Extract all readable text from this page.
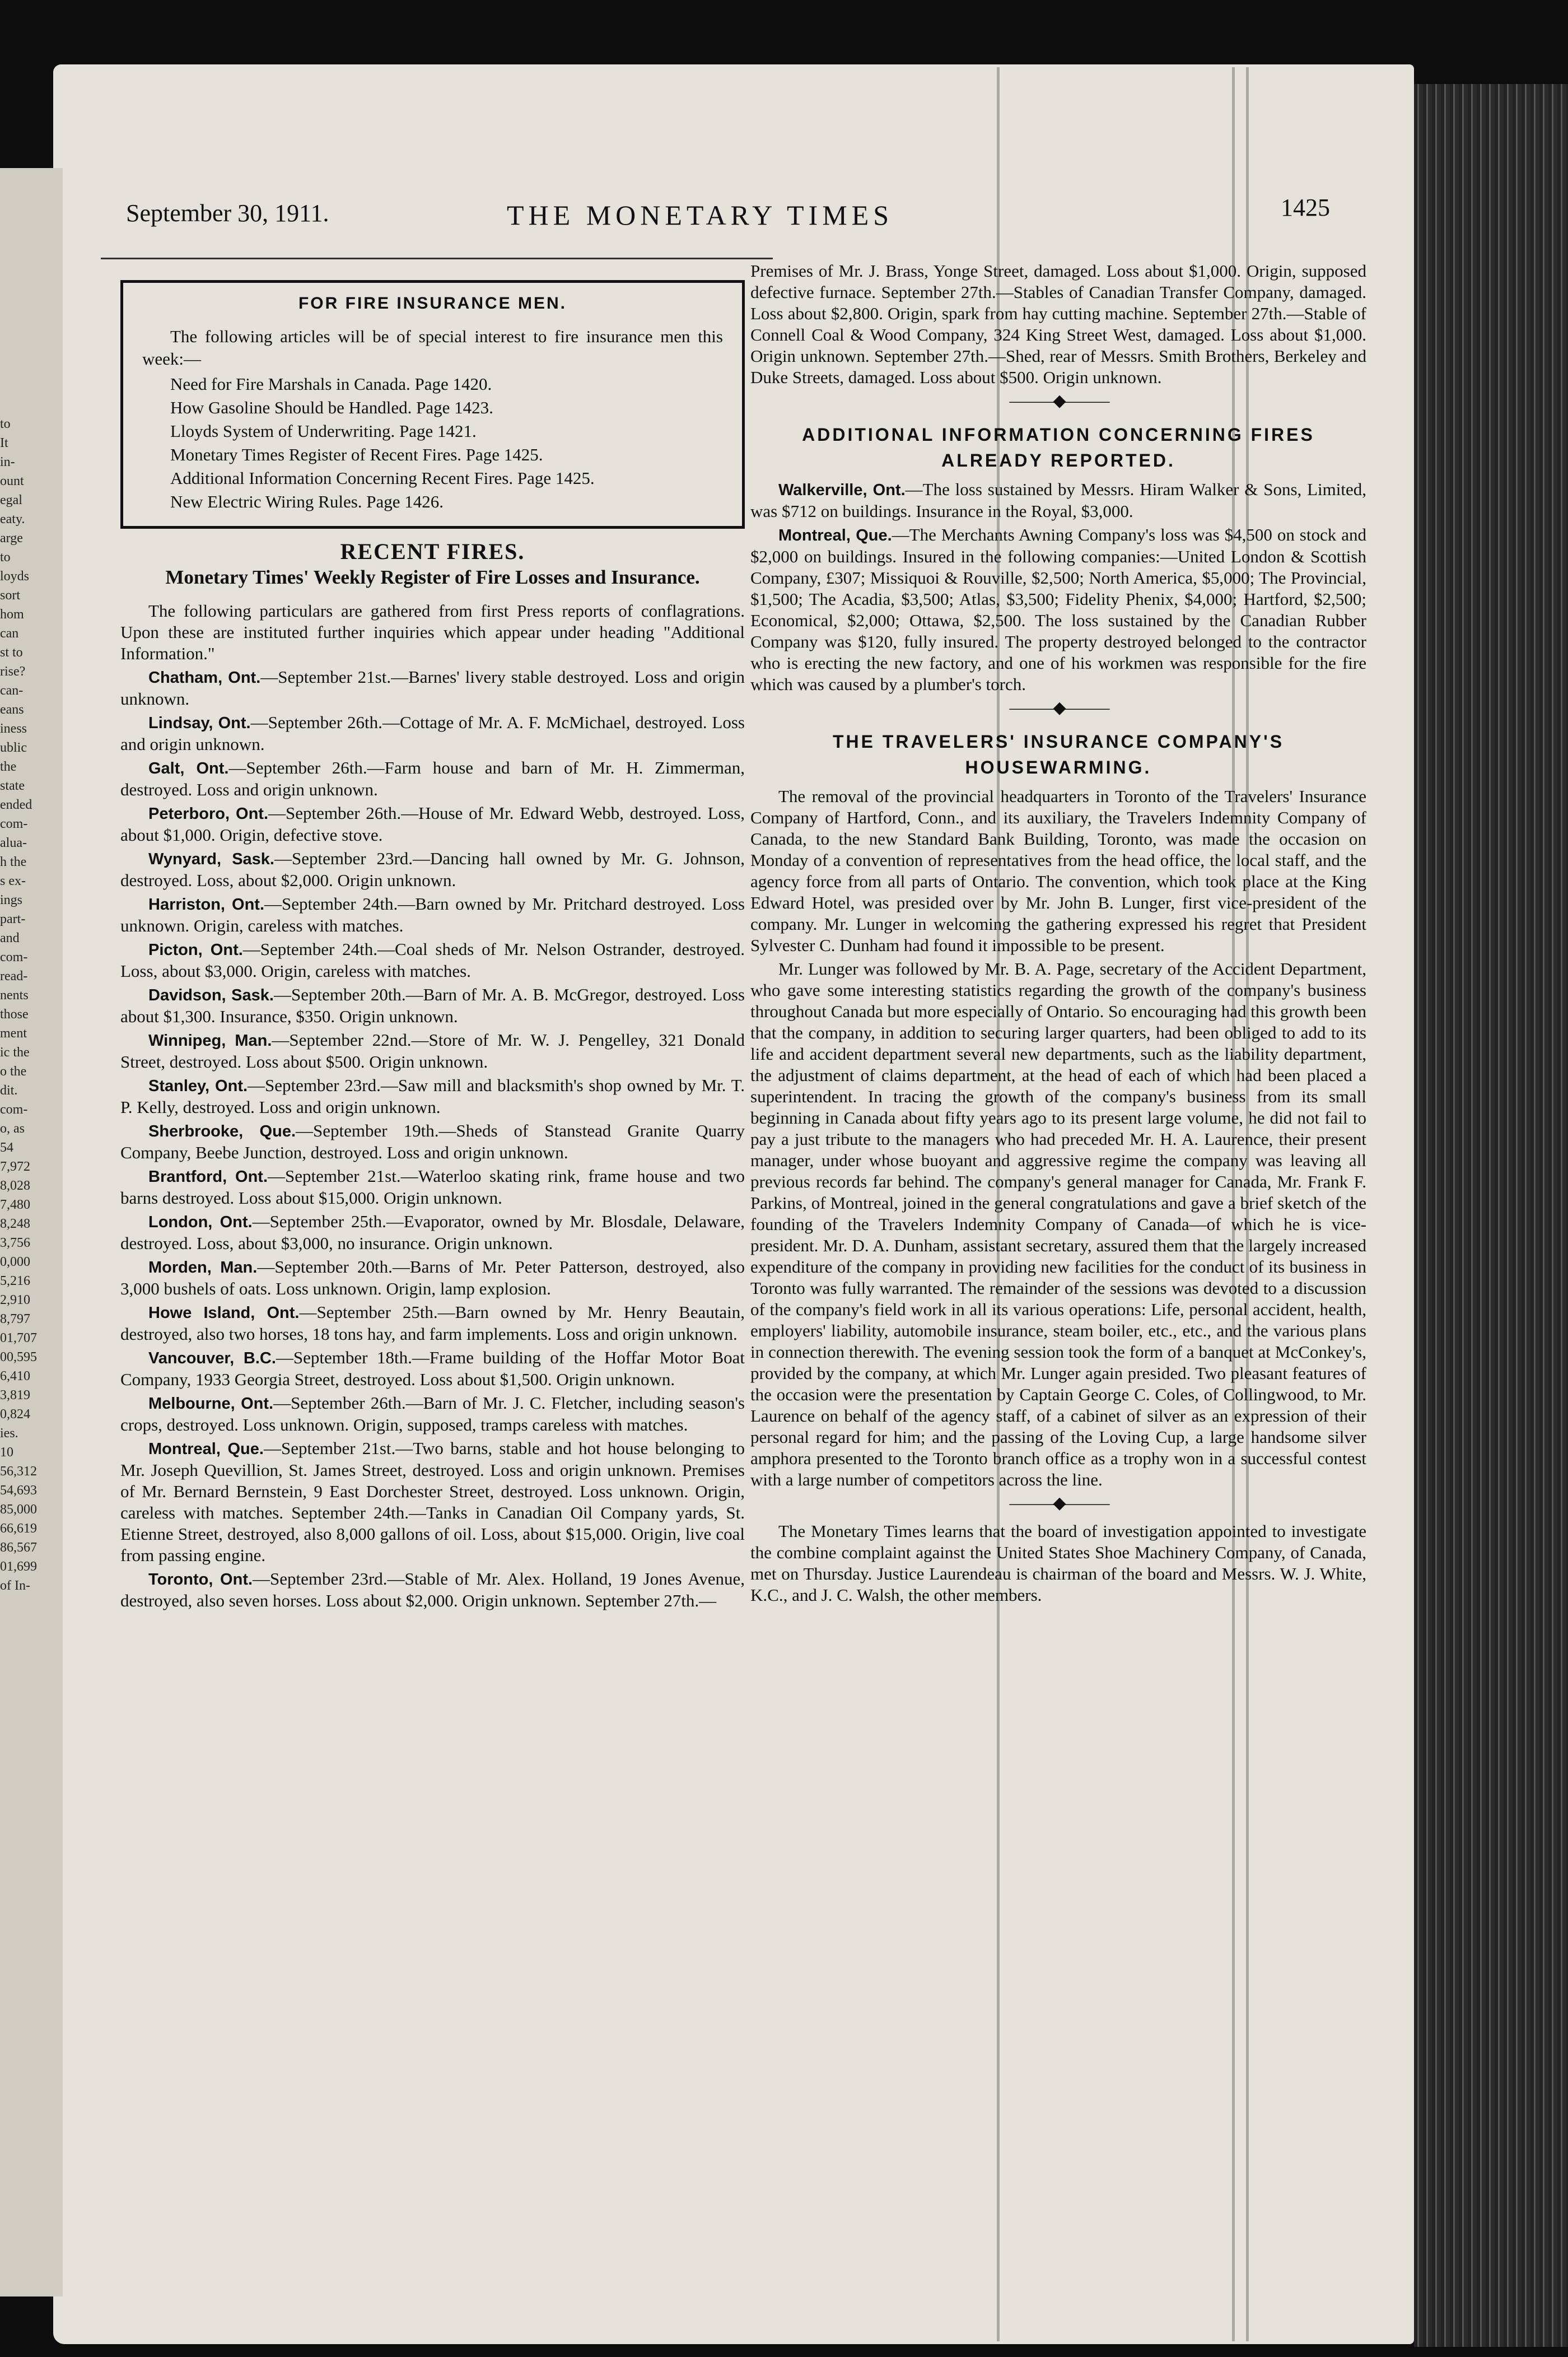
to
It
in-
ount
egal
eaty.
arge
to
loyds
sort
hom
can
st to
rise?
can-
eans
iness
ublic
the
state
ended
com-
alua-
h the
s ex-
ings
part-
and
com-
read-
nents
those
ment
ic the
o the
dit.
com-
o, as
54
7,972
8,028
7,480
8,248
3,756
0,000
5,216
2,910
8,797
01,707
00,595
6,410
3,819
0,824
ies.
10
56,312
54,693
85,000
66,619
86,567
01,699
of In-
September 30, 1911.	THE MONETARY TIMES	1425
FOR FIRE INSURANCE MEN.
The following articles will be of special interest to fire insurance men this week:—
Need for Fire Marshals in Canada. Page 1420.
How Gasoline Should be Handled. Page 1423.
Lloyds System of Underwriting. Page 1421.
Monetary Times Register of Recent Fires. Page 1425.
Additional Information Concerning Recent Fires. Page 1425.
New Electric Wiring Rules. Page 1426.
RECENT FIRES.
Monetary Times' Weekly Register of Fire Losses and Insurance.

The following particulars are gathered from first Press reports of conflagrations. Upon these are instituted further inquiries which appear under heading "Additional Information."

Chatham, Ont.—September 21st.—Barnes' livery stable destroyed. Loss and origin unknown.

Lindsay, Ont.—September 26th.—Cottage of Mr. A. F. McMichael, destroyed. Loss and origin unknown.

Galt, Ont.—September 26th.—Farm house and barn of Mr. H. Zimmerman, destroyed. Loss and origin unknown.

Peterboro, Ont.—September 26th.—House of Mr. Edward Webb, destroyed. Loss, about $1,000. Origin, defective stove.

Wynyard, Sask.—September 23rd.—Dancing hall owned by Mr. G. Johnson, destroyed. Loss, about $2,000. Origin unknown.

Harriston, Ont.—September 24th.—Barn owned by Mr. Pritchard destroyed. Loss unknown. Origin, careless with matches.

Picton, Ont.—September 24th.—Coal sheds of Mr. Nelson Ostrander, destroyed. Loss, about $3,000. Origin, careless with matches.

Davidson, Sask.—September 20th.—Barn of Mr. A. B. McGregor, destroyed. Loss about $1,300. Insurance, $350. Origin unknown.

Winnipeg, Man.—September 22nd.—Store of Mr. W. J. Pengelley, 321 Donald Street, destroyed. Loss about $500. Origin unknown.

Stanley, Ont.—September 23rd.—Saw mill and blacksmith's shop owned by Mr. T. P. Kelly, destroyed. Loss and origin unknown.

Sherbrooke, Que.—September 19th.—Sheds of Stanstead Granite Quarry Company, Beebe Junction, destroyed. Loss and origin unknown.

Brantford, Ont.—September 21st.—Waterloo skating rink, frame house and two barns destroyed. Loss about $15,000. Origin unknown.

London, Ont.—September 25th.—Evaporator, owned by Mr. Blosdale, Delaware, destroyed. Loss, about $3,000, no insurance. Origin unknown.

Morden, Man.—September 20th.—Barns of Mr. Peter Patterson, destroyed, also 3,000 bushels of oats. Loss unknown. Origin, lamp explosion.

Howe Island, Ont.—September 25th.—Barn owned by Mr. Henry Beautain, destroyed, also two horses, 18 tons hay, and farm implements. Loss and origin unknown.

Vancouver, B.C.—September 18th.—Frame building of the Hoffar Motor Boat Company, 1933 Georgia Street, destroyed. Loss about $1,500. Origin unknown.

Melbourne, Ont.—September 26th.—Barn of Mr. J. C. Fletcher, including season's crops, destroyed. Loss unknown. Origin, supposed, tramps careless with matches.

Montreal, Que.—September 21st.—Two barns, stable and hot house belonging to Mr. Joseph Quevillion, St. James Street, destroyed. Loss and origin unknown. Premises of Mr. Bernard Bernstein, 9 East Dorchester Street, destroyed. Loss unknown. Origin, careless with matches. September 24th.—Tanks in Canadian Oil Company yards, St. Etienne Street, destroyed, also 8,000 gallons of oil. Loss, about $15,000. Origin, live coal from passing engine.

Toronto, Ont.—September 23rd.—Stable of Mr. Alex. Holland, 19 Jones Avenue, destroyed, also seven horses. Loss about $2,000. Origin unknown. September 27th.—

Premises of Mr. J. Brass, Yonge Street, damaged. Loss about $1,000. Origin, supposed defective furnace. September 27th.—Stables of Canadian Transfer Company, damaged. Loss about $2,800. Origin, spark from hay cutting machine. September 27th.—Stable of Connell Coal & Wood Company, 324 King Street West, damaged. Loss about $1,000. Origin unknown. September 27th.—Shed, rear of Messrs. Smith Brothers, Berkeley and Duke Streets, damaged. Loss about $500. Origin unknown.

———◆———
ADDITIONAL INFORMATION CONCERNING FIRES ALREADY REPORTED.

Walkerville, Ont.—The loss sustained by Messrs. Hiram Walker & Sons, Limited, was $712 on buildings. Insurance in the Royal, $3,000.

Montreal, Que.—The Merchants Awning Company's loss was $4,500 on stock and $2,000 on buildings. Insured in the following companies:—United London & Scottish Company, £307; Missiquoi & Rouville, $2,500; North America, $5,000; The Provincial, $1,500; The Acadia, $3,500; Atlas, $3,500; Fidelity Phenix, $4,000; Hartford, $2,500; Economical, $2,000; Ottawa, $2,500. The loss sustained by the Canadian Rubber Company was $120, fully insured. The property destroyed belonged to the contractor who is erecting the new factory, and one of his workmen was responsible for the fire which was caused by a plumber's torch.

———◆———
THE TRAVELERS' INSURANCE COMPANY'S HOUSEWARMING.

The removal of the provincial headquarters in Toronto of the Travelers' Insurance Company of Hartford, Conn., and its auxiliary, the Travelers Indemnity Company of Canada, to the new Standard Bank Building, Toronto, was made the occasion on Monday of a convention of representatives from the head office, the local staff, and the agency force from all parts of Ontario. The convention, which took place at the King Edward Hotel, was presided over by Mr. John B. Lunger, first vice-president of the company. Mr. Lunger in welcoming the gathering expressed his regret that President Sylvester C. Dunham had found it impossible to be present.

Mr. Lunger was followed by Mr. B. A. Page, secretary of the Accident Department, who gave some interesting statistics regarding the growth of the company's business throughout Canada but more especially of Ontario. So encouraging had this growth been that the company, in addition to securing larger quarters, had been obliged to add to its life and accident department several new departments, such as the liability department, the adjustment of claims department, at the head of each of which had been placed a superintendent. In tracing the growth of the company's business from its small beginning in Canada about fifty years ago to its present large volume, he did not fail to pay a just tribute to the managers who had preceded Mr. H. A. Laurence, their present manager, under whose buoyant and aggressive regime the company was leaving all previous records far behind. The company's general manager for Canada, Mr. Frank F. Parkins, of Montreal, joined in the general congratulations and gave a brief sketch of the founding of the Travelers Indemnity Company of Canada—of which he is vice-president. Mr. D. A. Dunham, assistant secretary, assured them that the largely increased expenditure of the company in providing new facilities for the conduct of its business in Toronto was fully warranted. The remainder of the sessions was devoted to a discussion of the company's field work in all its various operations: Life, personal accident, health, employers' liability, automobile insurance, steam boiler, etc., etc., and the various plans in connection therewith. The evening session took the form of a banquet at McConkey's, provided by the company, at which Mr. Lunger again presided. Two pleasant features of the occasion were the presentation by Captain George C. Coles, of Collingwood, to Mr. Laurence on behalf of the agency staff, of a cabinet of silver as an expression of their personal regard for him; and the passing of the Loving Cup, a large handsome silver amphora presented to the Toronto branch office as a trophy won in a successful contest with a large number of competitors across the line.

———◆———

The Monetary Times learns that the board of investigation appointed to investigate the combine complaint against the United States Shoe Machinery Company, of Canada, met on Thursday. Justice Laurendeau is chairman of the board and Messrs. W. J. White, K.C., and J. C. Walsh, the other members.
